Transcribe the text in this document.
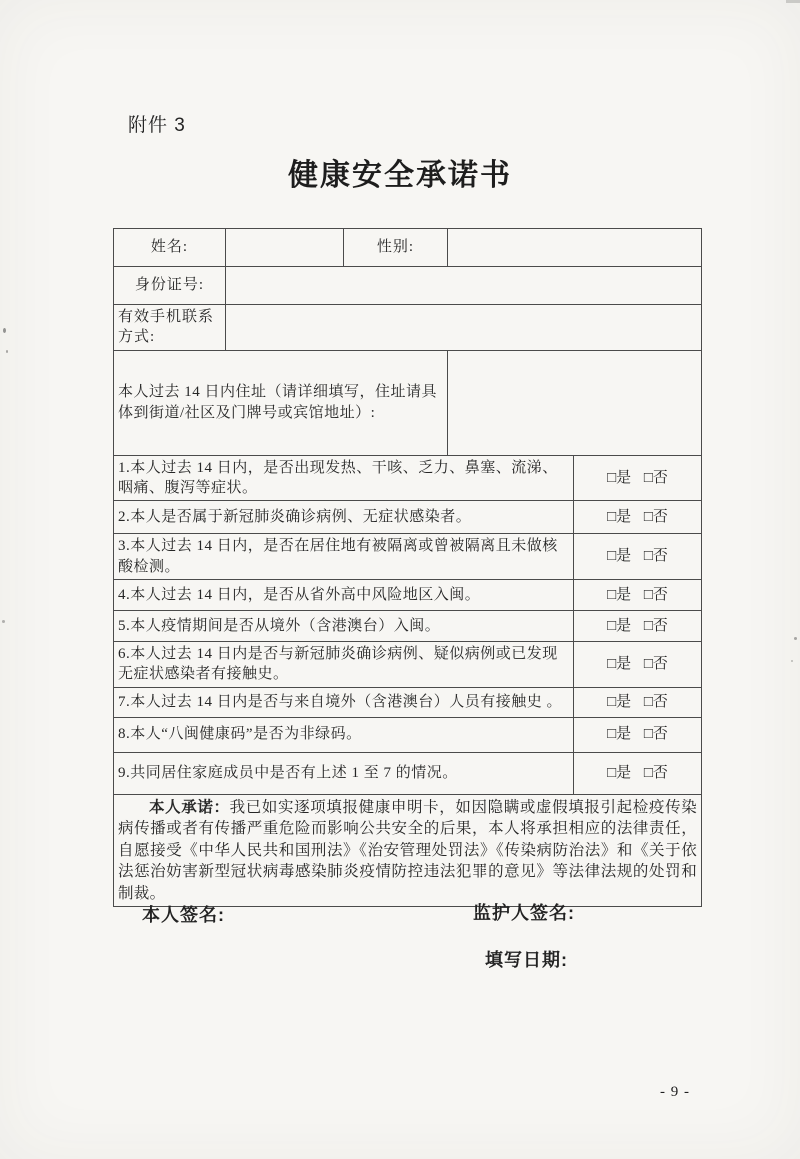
附件 3
健康安全承诺书
姓名:		性别:		
身份证号:				
有效手机联系方式:				
本人过去 14 日内住址（请详细填写，住址请具体到街道/社区及门牌号或宾馆地址）:				
1.本人过去 14 日内，是否出现发热、干咳、乏力、鼻塞、流涕、咽痛、腹泻等症状。				□是 □否
2.本人是否属于新冠肺炎确诊病例、无症状感染者。				□是 □否
3.本人过去 14 日内，是否在居住地有被隔离或曾被隔离且未做核酸检测。				□是 □否
4.本人过去 14 日内，是否从省外高中风险地区入闽。				□是 □否
5.本人疫情期间是否从境外（含港澳台）入闽。				□是 □否
6.本人过去 14 日内是否与新冠肺炎确诊病例、疑似病例或已发现无症状感染者有接触史。				□是 □否
7.本人过去 14 日内是否与来自境外（含港澳台）人员有接触史 。				□是 □否
8.本人“八闽健康码”是否为非绿码。				□是 □否
9.共同居住家庭成员中是否有上述 1 至 7 的情况。				□是 □否

本人承诺：我已如实逐项填报健康申明卡，如因隐瞒或虚假填报引起检疫传染病传播或者有传播严重危险而影响公共安全的后果，本人将承担相应的法律责任，自愿接受《中华人民共和国刑法》《治安管理处罚法》《传染病防治法》和《关于依法惩治妨害新型冠状病毒感染肺炎疫情防控违法犯罪的意见》等法律法规的处罚和制裁。				

本人签名:	监护人签名:
填写日期:
- 9 -
